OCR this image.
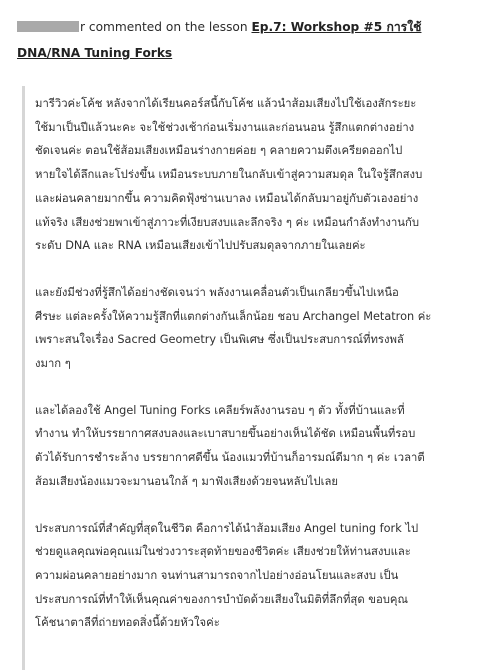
r commented on the lesson Ep.7: Workshop #5 การใช้ DNA/RNA Tuning Forks

มารีวิวค่ะโค้ช หลังจากได้เรียนคอร์สนี้กับโค้ช แล้วนำส้อมเสียงไปใช้เองสักระยะ
ใช้มาเป็นปีแล้วนะคะ จะใช้ช่วงเช้าก่อนเริ่มงานและก่อนนอน รู้สึกแตกต่างอย่าง
ชัดเจนค่ะ ตอนใช้ส้อมเสียงเหมือนร่างกายค่อย ๆ คลายความตึงเครียดออกไป
หายใจได้ลึกและโปร่งขึ้น เหมือนระบบภายในกลับเข้าสู่ความสมดุล ในใจรู้สึกสงบ
และผ่อนคลายมากขึ้น ความคิดฟุ้งซ่านเบาลง เหมือนได้กลับมาอยู่กับตัวเองอย่าง
แท้จริง เสียงช่วยพาเข้าสู่ภาวะที่เงียบสงบและลึกจริง ๆ ค่ะ เหมือนกำลังทำงานกับ
ระดับ DNA และ RNA เหมือนเสียงเข้าไปปรับสมดุลจากภายในเลยค่ะ

และยังมีช่วงที่รู้สึกได้อย่างชัดเจนว่า พลังงานเคลื่อนตัวเป็นเกลียวขึ้นไปเหนือ
ศีรษะ แต่ละครั้งให้ความรู้สึกที่แตกต่างกันเล็กน้อย ชอบ Archangel Metatron ค่ะ
เพราะสนใจเรื่อง Sacred Geometry เป็นพิเศษ ซึ่งเป็นประสบการณ์ที่ทรงพลั
งมาก ๆ

และได้ลองใช้ Angel Tuning Forks เคลียร์พลังงานรอบ ๆ ตัว ทั้งที่บ้านและที่
ทำงาน ทำให้บรรยากาศสงบลงและเบาสบายขึ้นอย่างเห็นได้ชัด เหมือนพื้นที่รอบ
ตัวได้รับการชำระล้าง บรรยากาศดีขึ้น น้องแมวที่บ้านก็อารมณ์ดีมาก ๆ ค่ะ เวลาตี
ส้อมเสียงน้องแมวจะมานอนใกล้ ๆ มาฟังเสียงด้วยจนหลับไปเลย

ประสบการณ์ที่สำคัญที่สุดในชีวิต คือการได้นำส้อมเสียง Angel tuning fork ไป
ช่วยดูแลคุณพ่อคุณแม่ในช่วงวาระสุดท้ายของชีวิตค่ะ เสียงช่วยให้ท่านสงบและ
ความผ่อนคลายอย่างมาก จนท่านสามารถจากไปอย่างอ่อนโยนและสงบ เป็น
ประสบการณ์ที่ทำให้เห็นคุณค่าของการบำบัดด้วยเสียงในมิติที่ลึกที่สุด ขอบคุณ
โค้ชนาตาลีที่ถ่ายทอดสิ่งนี้ด้วยหัวใจค่ะ
